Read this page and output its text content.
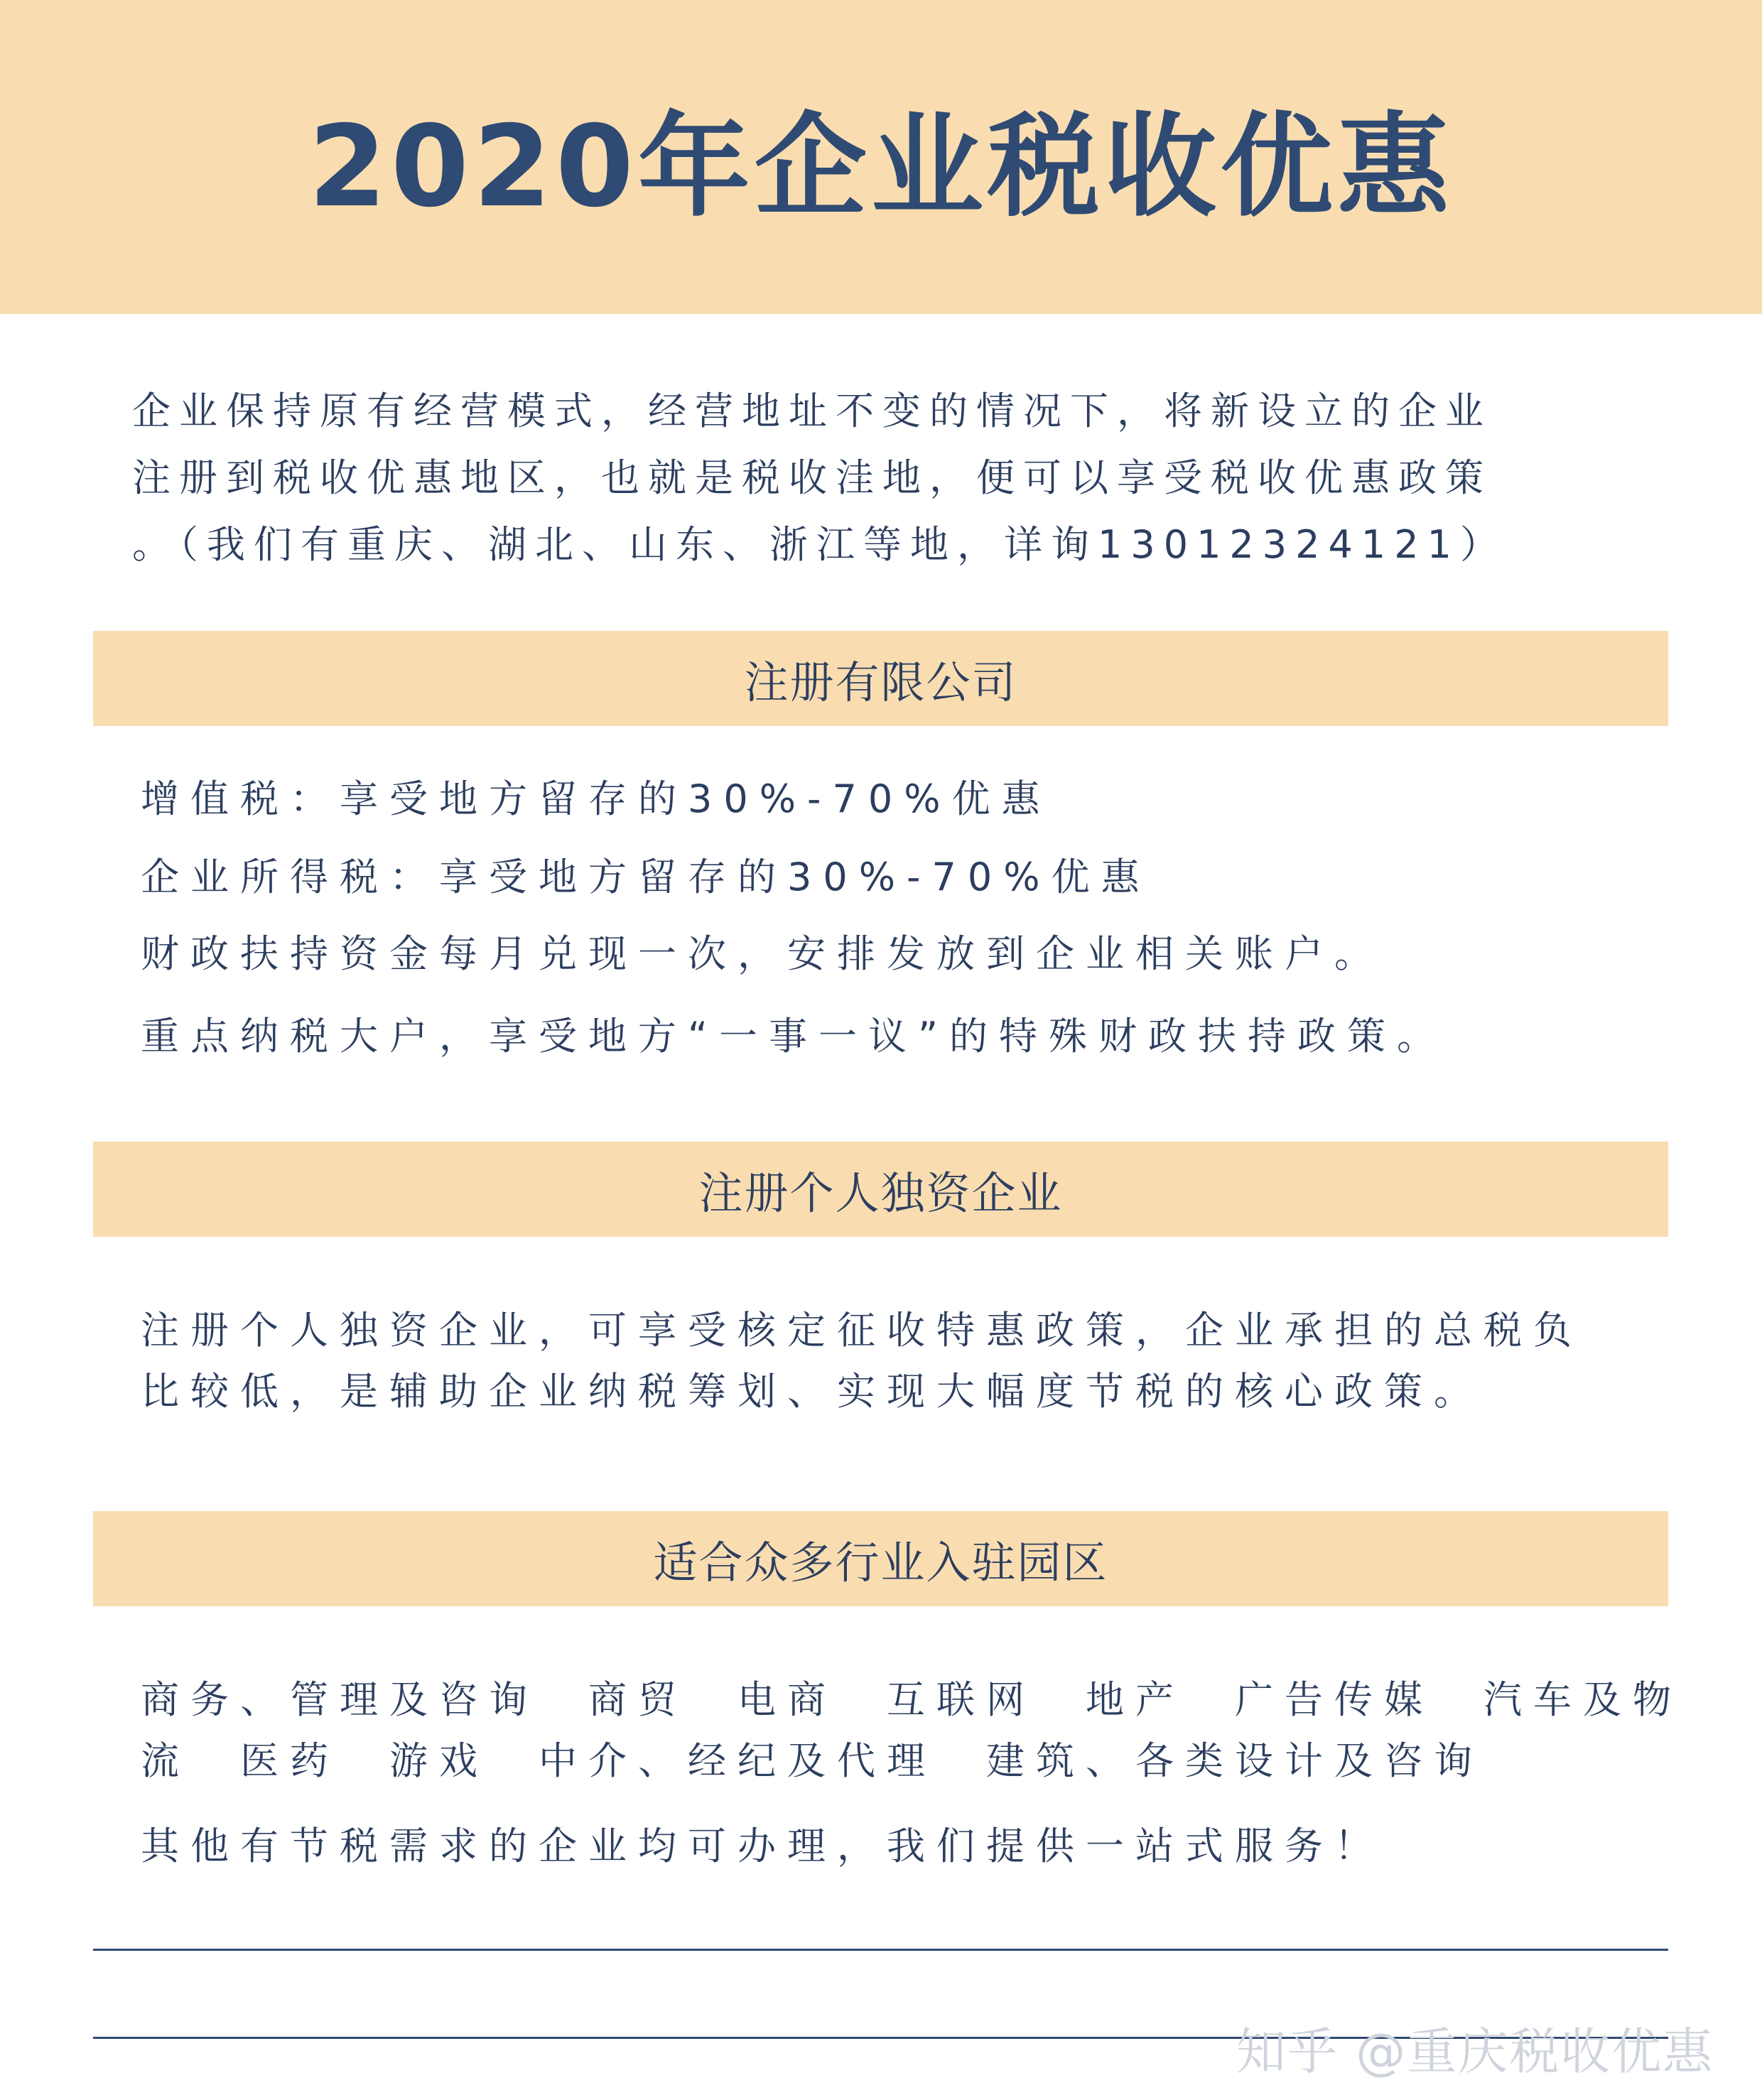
2020年企业税收优惠

企业保持原有经营模式，经营地址不变的情况下，将新设立的企业

注册到税收优惠地区，也就是税收洼地，便可以享受税收优惠政策

。（我们有重庆、湖北、山东、浙江等地，详询13012324121）

注册有限公司
增值税：享受地方留存的30%-70%优惠
企业所得税：享受地方留存的30%-70%优惠
财政扶持资金每月兑现一次，安排发放到企业相关账户。
重点纳税大户，享受地方“一事一议”的特殊财政扶持政策。
注册个人独资企业
注册个人独资企业，可享受核定征收特惠政策，企业承担的总税负
比较低，是辅助企业纳税筹划、实现大幅度节税的核心政策。
适合众多行业入驻园区
商务、管理及咨询　商贸　电商　互联网　地产　广告传媒　汽车及物
流　医药　游戏　中介、经纪及代理　建筑、各类设计及咨询
其他有节税需求的企业均可办理，我们提供一站式服务！
知乎 @重庆税收优惠
